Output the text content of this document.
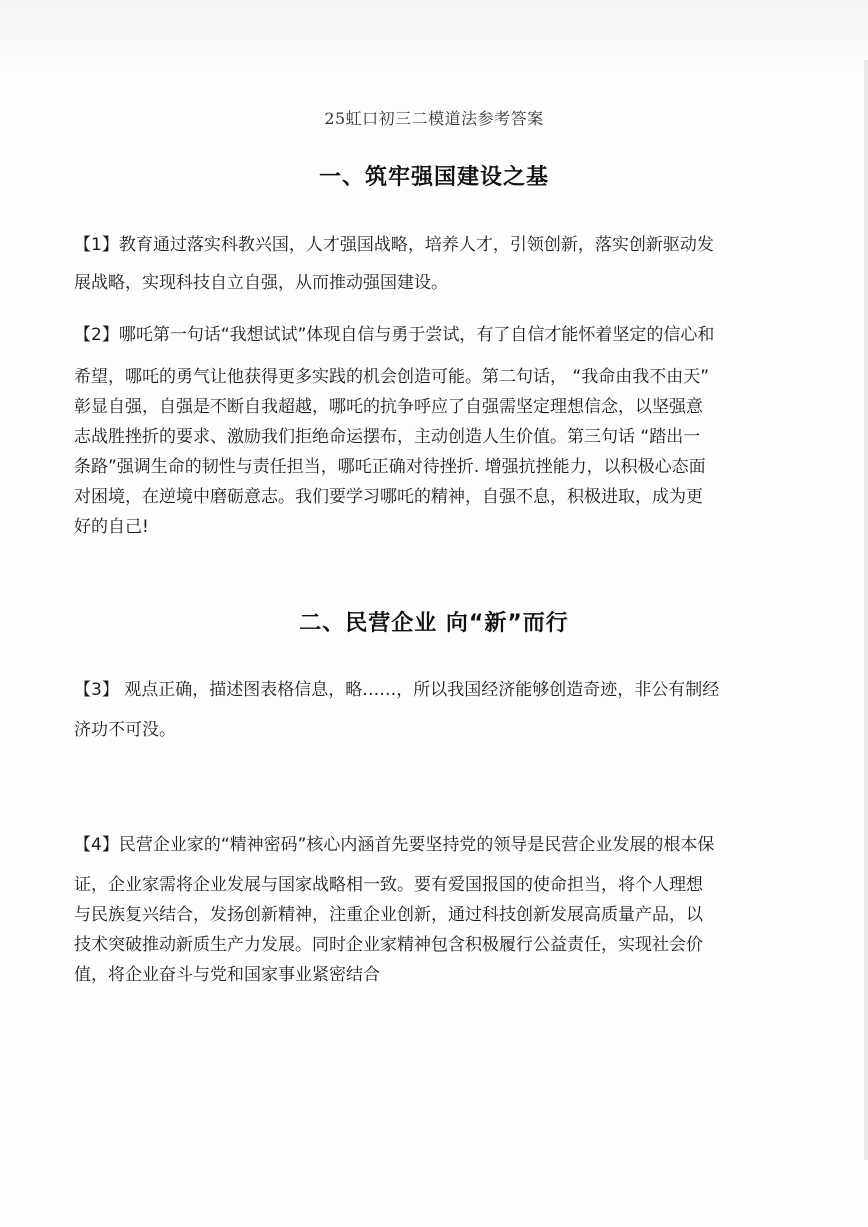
25虹口初三二模道法参考答案
一、筑牢强国建设之基
【1】教育通过落实科教兴国，人才强国战略，培养人才，引领创新，落实创新驱动发
展战略，实现科技自立自强，从而推动强国建设。
【2】哪吒第一句话“我想试试”体现自信与勇于尝试，有了自信才能怀着坚定的信心和
希望，哪吒的勇气让他获得更多实践的机会创造可能。第二句话， “我命由我不由天”
彰显自强，自强是不断自我超越，哪吒的抗争呼应了自强需坚定理想信念，以坚强意
志战胜挫折的要求、激励我们拒绝命运摆布，主动创造人生价值。第三句话 “踏出一
条路”强调生命的韧性与责任担当，哪吒正确对待挫折. 增强抗挫能力，以积极心态面
对困境，在逆境中磨砺意志。我们要学习哪吒的精神，自强不息，积极进取，成为更
好的自己!
二、民营企业 向“新”而行
【3】 观点正确，描述图表格信息，略……，所以我国经济能够创造奇迹，非公有制经
济功不可没。
【4】民营企业家的“精神密码”核心内涵首先要坚持党的领导是民营企业发展的根本保
证，企业家需将企业发展与国家战略相一致。要有爱国报国的使命担当，将个人理想
与民族复兴结合，发扬创新精神，注重企业创新，通过科技创新发展高质量产品，以
技术突破推动新质生产力发展。同时企业家精神包含积极履行公益责任，实现社会价
值，将企业奋斗与党和国家事业紧密结合
